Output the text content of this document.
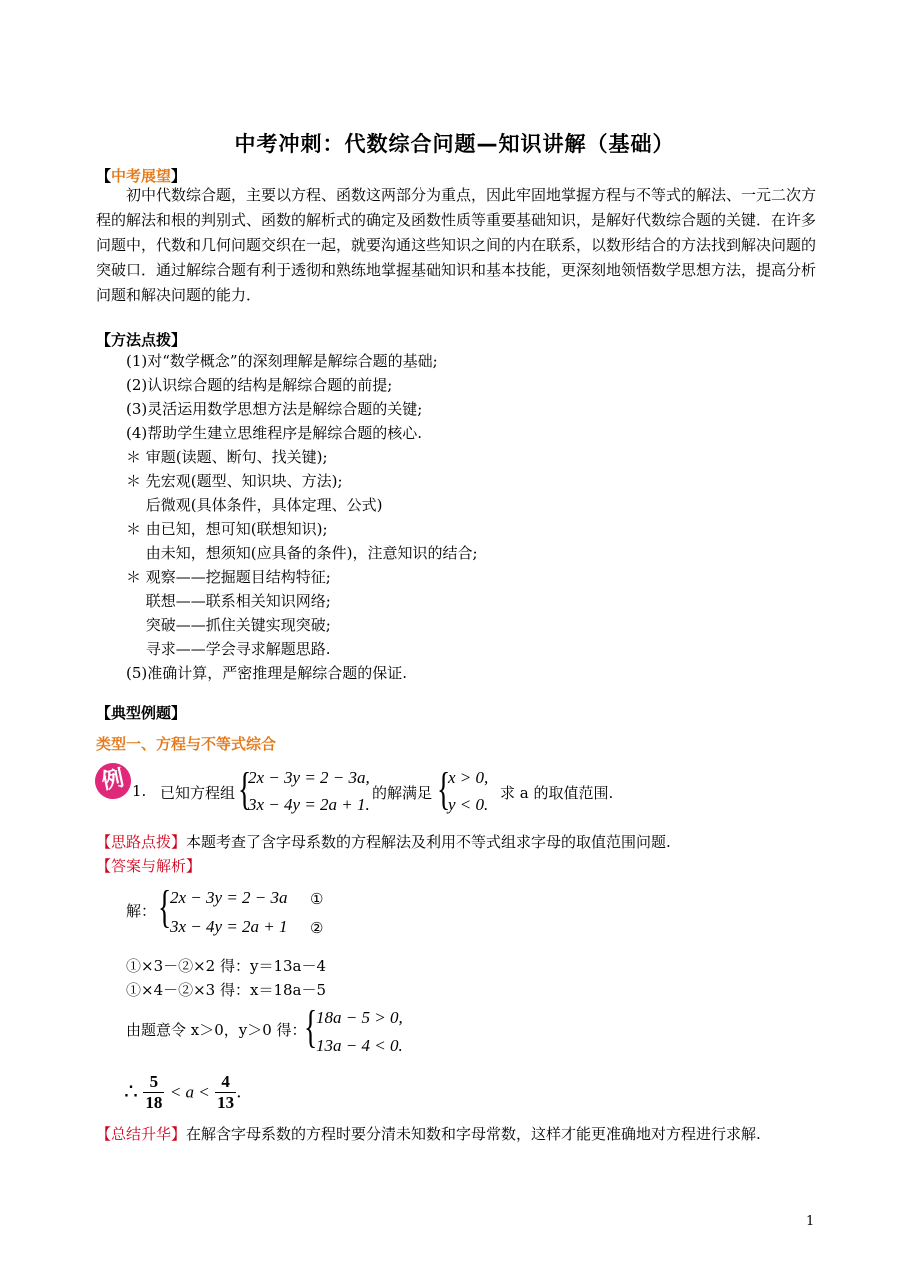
中考冲刺：代数综合问题—知识讲解（基础）
【中考展望】

初中代数综合题，主要以方程、函数这两部分为重点，因此牢固地掌握方程与不等式的解法、一元二次方程的解法和根的判别式、函数的解析式的确定及函数性质等重要基础知识，是解好代数综合题的关键．在许多问题中，代数和几何问题交织在一起，就要沟通这些知识之间的内在联系，以数形结合的方法找到解决问题的突破口．通过解综合题有利于透彻和熟练地掌握基础知识和基本技能，更深刻地领悟数学思想方法，提高分析问题和解决问题的能力．

【方法点拨】
(1)对“数学概念”的深刻理解是解综合题的基础;
(2)认识综合题的结构是解综合题的前提;
(3)灵活运用数学思想方法是解综合题的关键;
(4)帮助学生建立思维程序是解综合题的核心.
＊ 审题(读题、断句、找关键);
＊ 先宏观(题型、知识块、方法);
　 后微观(具体条件，具体定理、公式)
＊ 由已知，想可知(联想知识);
　 由未知，想须知(应具备的条件)，注意知识的结合;
＊ 观察——挖掘题目结构特征;
　 联想——联系相关知识网络;
　 突破——抓住关键实现突破;
　 寻求——学会寻求解题思路.
(5)准确计算，严密推理是解综合题的保证.
【典型例题】
类型一、方程与不等式综合
例 1. 已知方程组 {
2x − 3y = 2 − 3a,
3x − 4y = 2a + 1.
的解满足 {
x > 0,
y < 0.
求 a 的取值范围.
【思路点拨】本题考查了含字母系数的方程解法及利用不等式组求字母的取值范围问题.
【答案与解析】
解： {
2x − 3y = 2 − 3a ①
3x − 4y = 2a + 1 ②
①×3－②×2 得：y＝13a－4
①×4－②×3 得：x＝18a－5
由题意令 x＞0，y＞0 得：
{
18a − 5 > 0,
13a − 4 < 0.
∴ $\frac{5}{18} < a < \frac{4}{13}$ .
【总结升华】在解含字母系数的方程时要分清未知数和字母常数，这样才能更准确地对方程进行求解.
1
